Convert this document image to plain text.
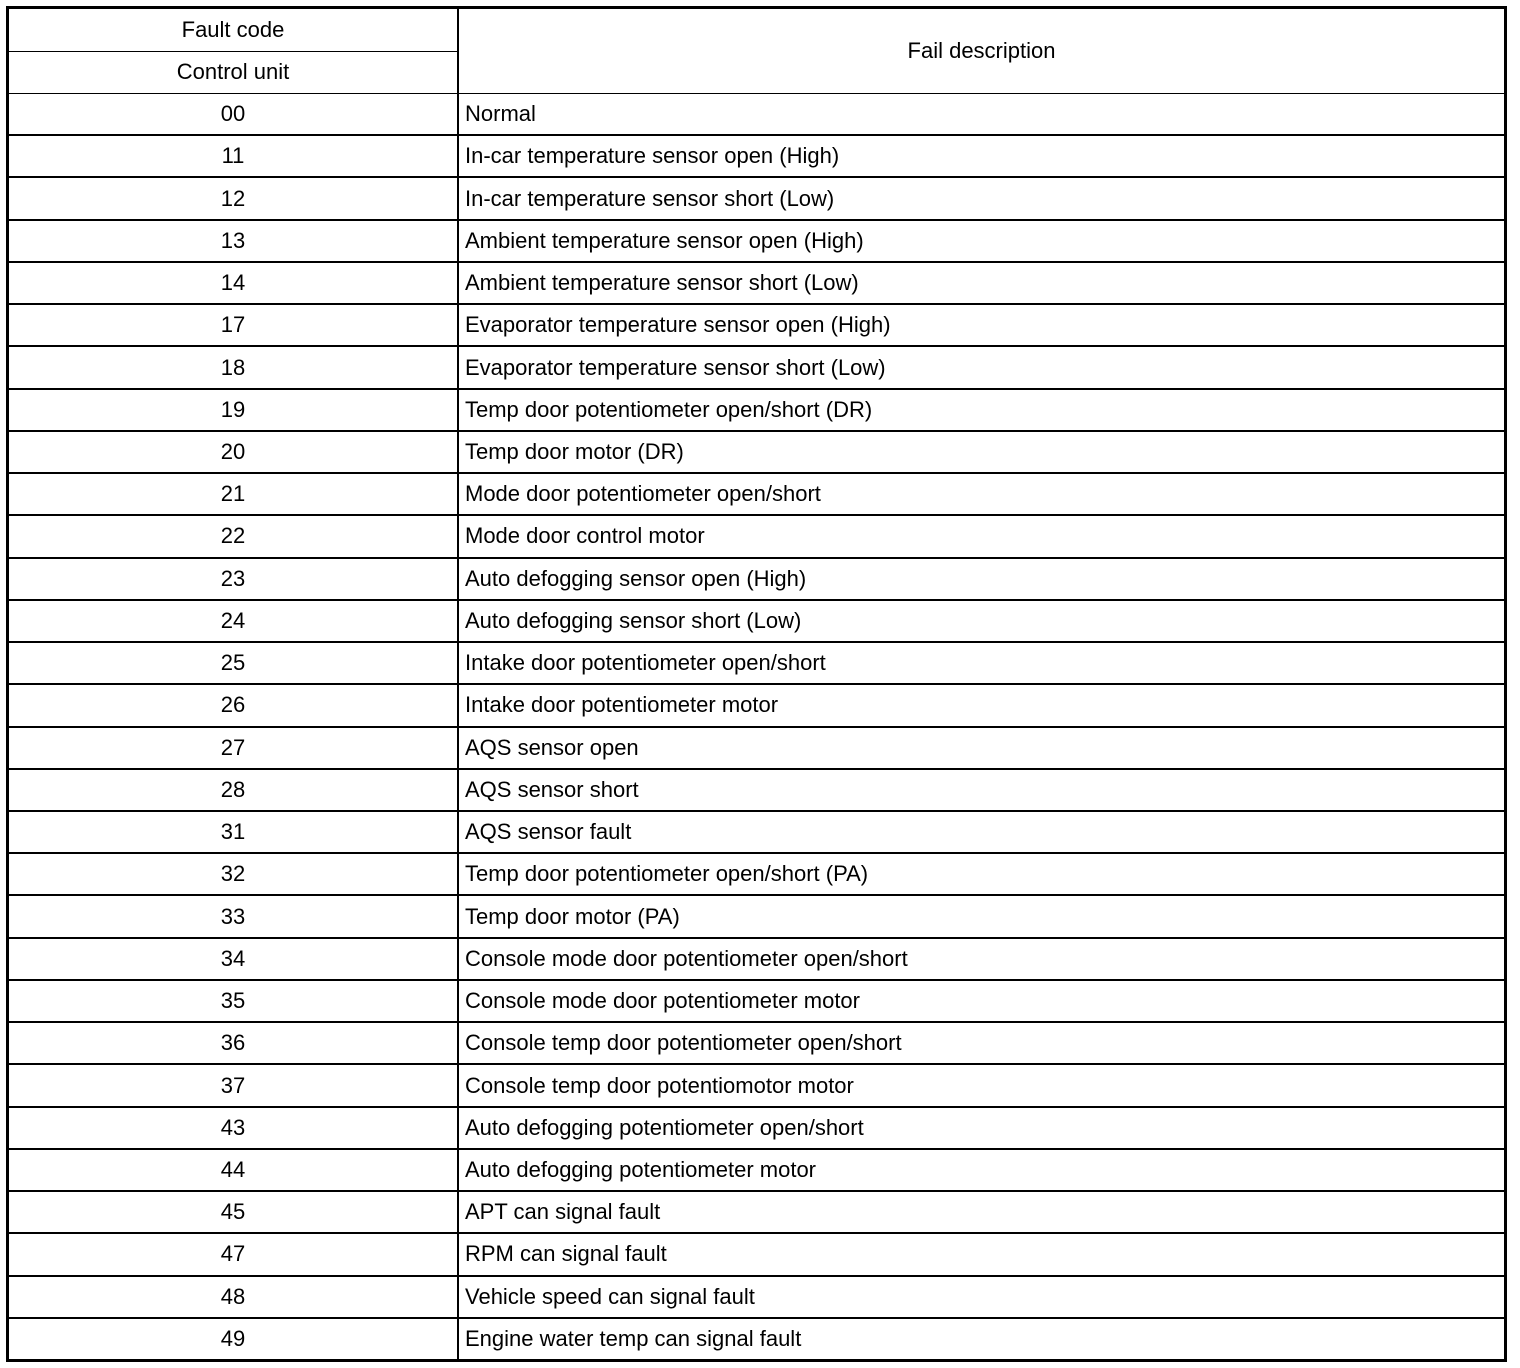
Fault code
Control unit
Fail description
00	Normal
11	In-car temperature sensor open (High)
12	In-car temperature sensor short (Low)
13	Ambient temperature sensor open (High)
14	Ambient temperature sensor short (Low)
17	Evaporator temperature sensor open (High)
18	Evaporator temperature sensor short (Low)
19	Temp door potentiometer open/short (DR)
20	Temp door motor (DR)
21	Mode door potentiometer open/short
22	Mode door control motor
23	Auto defogging sensor open (High)
24	Auto defogging sensor short (Low)
25	Intake door potentiometer open/short
26	Intake door potentiometer motor
27	AQS sensor open
28	AQS sensor short
31	AQS sensor fault
32	Temp door potentiometer open/short (PA)
33	Temp door motor (PA)
34	Console mode door potentiometer open/short
35	Console mode door potentiometer motor
36	Console temp door potentiometer open/short
37	Console temp door potentiomotor motor
43	Auto defogging potentiometer open/short
44	Auto defogging potentiometer motor
45	APT can signal fault
47	RPM can signal fault
48	Vehicle speed can signal fault
49	Engine water temp can signal fault
